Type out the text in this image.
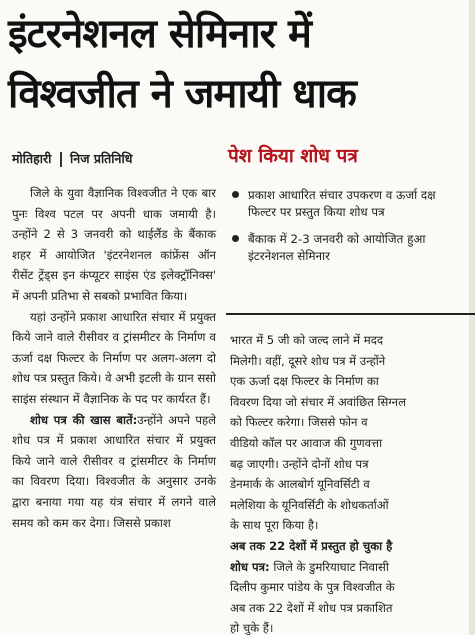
इंटरनेशनल सेमिनार में
विश्वजीत ने जमायी धाक
मोतिहारी निज प्रतिनिधि

जिले के युवा वैज्ञानिक विश्वजीत ने एक बार पुनः विश्व पटल पर अपनी धाक जमायी है। उन्होंने 2 से 3 जनवरी को थाईलैंड के बैंकाक शहर में आयोजित 'इंटरनेशनल कांफ्रेंस ऑन रीसेंट ट्रेंड्स इन कंप्यूटर साइंस एंड इलेक्ट्रॉनिक्स' में अपनी प्रतिभा से सबको प्रभावित किया।

यहां उन्होंने प्रकाश आधारित संचार में प्रयुक्त किये जाने वाले रीसीवर व ट्रांसमीटर के निर्माण व ऊर्जा दक्ष फिल्टर के निर्माण पर अलग-अलग दो शोध पत्र प्रस्तुत किये। वे अभी इटली के ग्रान ससो साइंस संस्थान में वैज्ञानिक के पद पर कार्यरत हैं।

शोध पत्र की खास बातें:उन्होंने अपने पहले शोध पत्र में प्रकाश आधारित संचार में प्रयुक्त किये जाने वाले रीसीवर व ट्रांसमीटर के निर्माण का विवरण दिया। विश्वजीत के अनुसार उनके द्वारा बनाया गया यह यंत्र संचार में लगने वाले समय को कम कर देगा। जिससे प्रकाश

पेश किया शोध पत्र
प्रकाश आधारित संचार उपकरण व ऊर्जा दक्ष फिल्टर पर प्रस्तुत किया शोध पत्र
बैंकाक में 2-3 जनवरी को आयोजित हुआ इंटरनेशनल सेमिनार
भारत में 5 जी को जल्द लाने में मदद
मिलेगी। वहीं, दूसरे शोध पत्र में उन्होंने
एक ऊर्जा दक्ष फिल्टर के निर्माण का
विवरण दिया जो संचार में अवांछित सिग्नल
को फिल्टर करेगा। जिससे फोन व
वीडियो कॉल पर आवाज की गुणवत्ता
बढ़ जाएगी। उन्होंने दोनों शोध पत्र
डेनमार्क के आलबोर्ग यूनिवर्सिटी व
मलेशिया के यूनिवर्सिटी के शोधकर्ताओं
के साथ पूरा किया है।
अब तक 22 देशों में प्रस्तुत हो चुका है
शोध पत्र: जिले के डुमरियाघाट निवासी
दिलीप कुमार पांडेय के पुत्र विश्वजीत के
अब तक 22 देशों में शोध पत्र प्रकाशित
हो चुके हैं।
